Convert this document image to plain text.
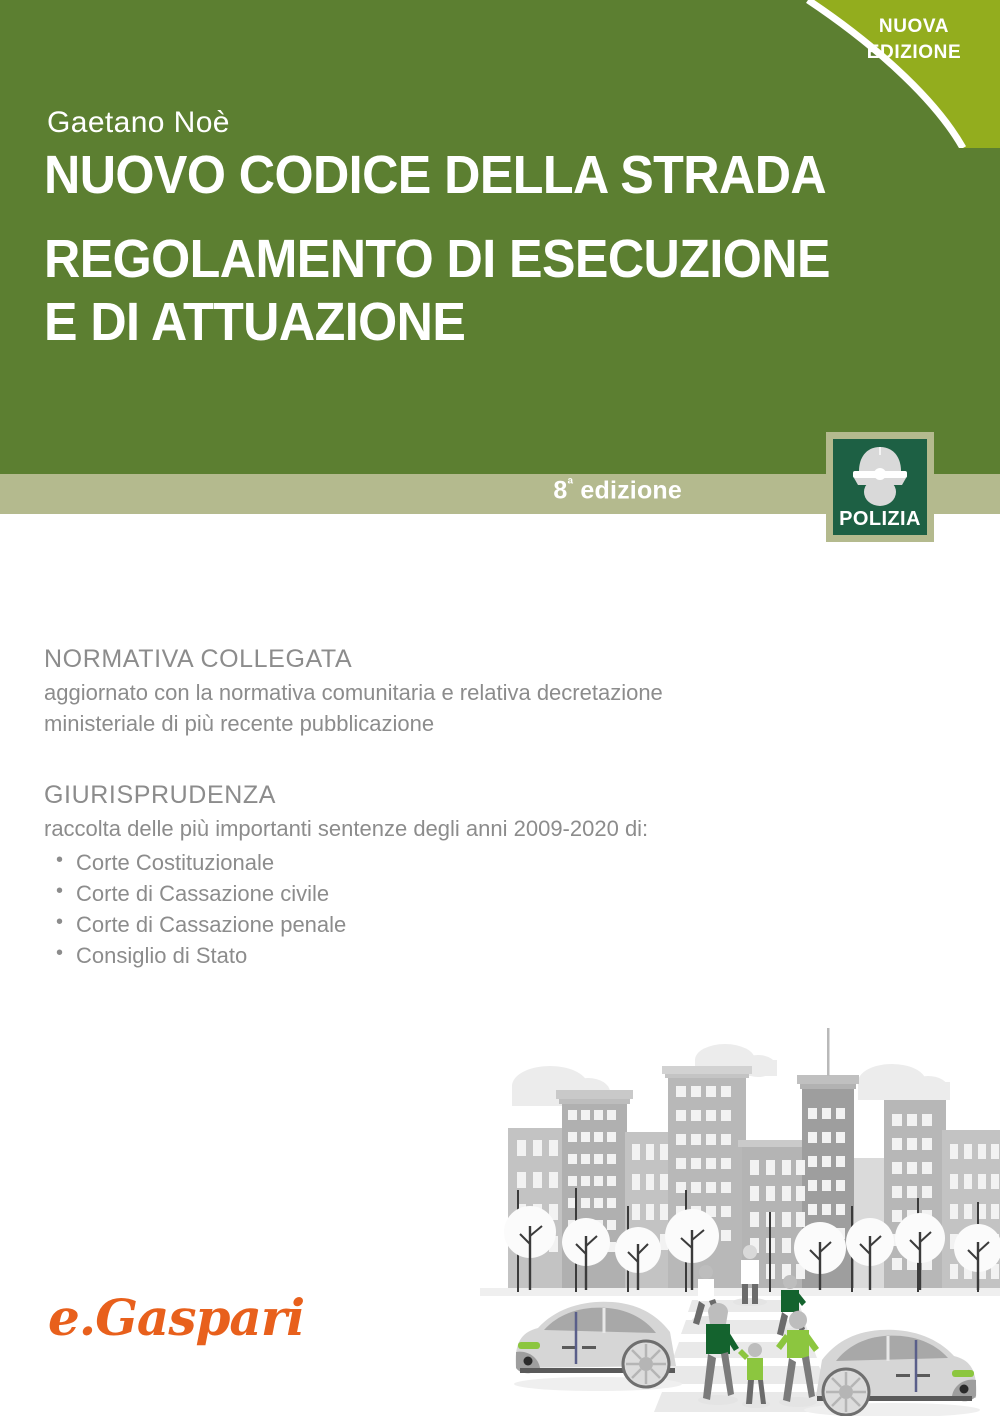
NUOVA
EDIZIONE
Gaetano Noè
NUOVO CODICE DELLA STRADA
REGOLAMENTO DI ESECUZIONE
E DI ATTUAZIONE
$8^ª$ edizione
POLIZIA
NORMATIVA COLLEGATA
aggiornato con la normativa comunitaria e relativa decretazione
ministeriale di più recente pubblicazione
GIURISPRUDENZA
raccolta delle più importanti sentenze degli anni 2009-2020 di:
• Corte Costituzionale
• Corte di Cassazione civile
• Corte di Cassazione penale
• Consiglio di Stato
e.Gaspari
